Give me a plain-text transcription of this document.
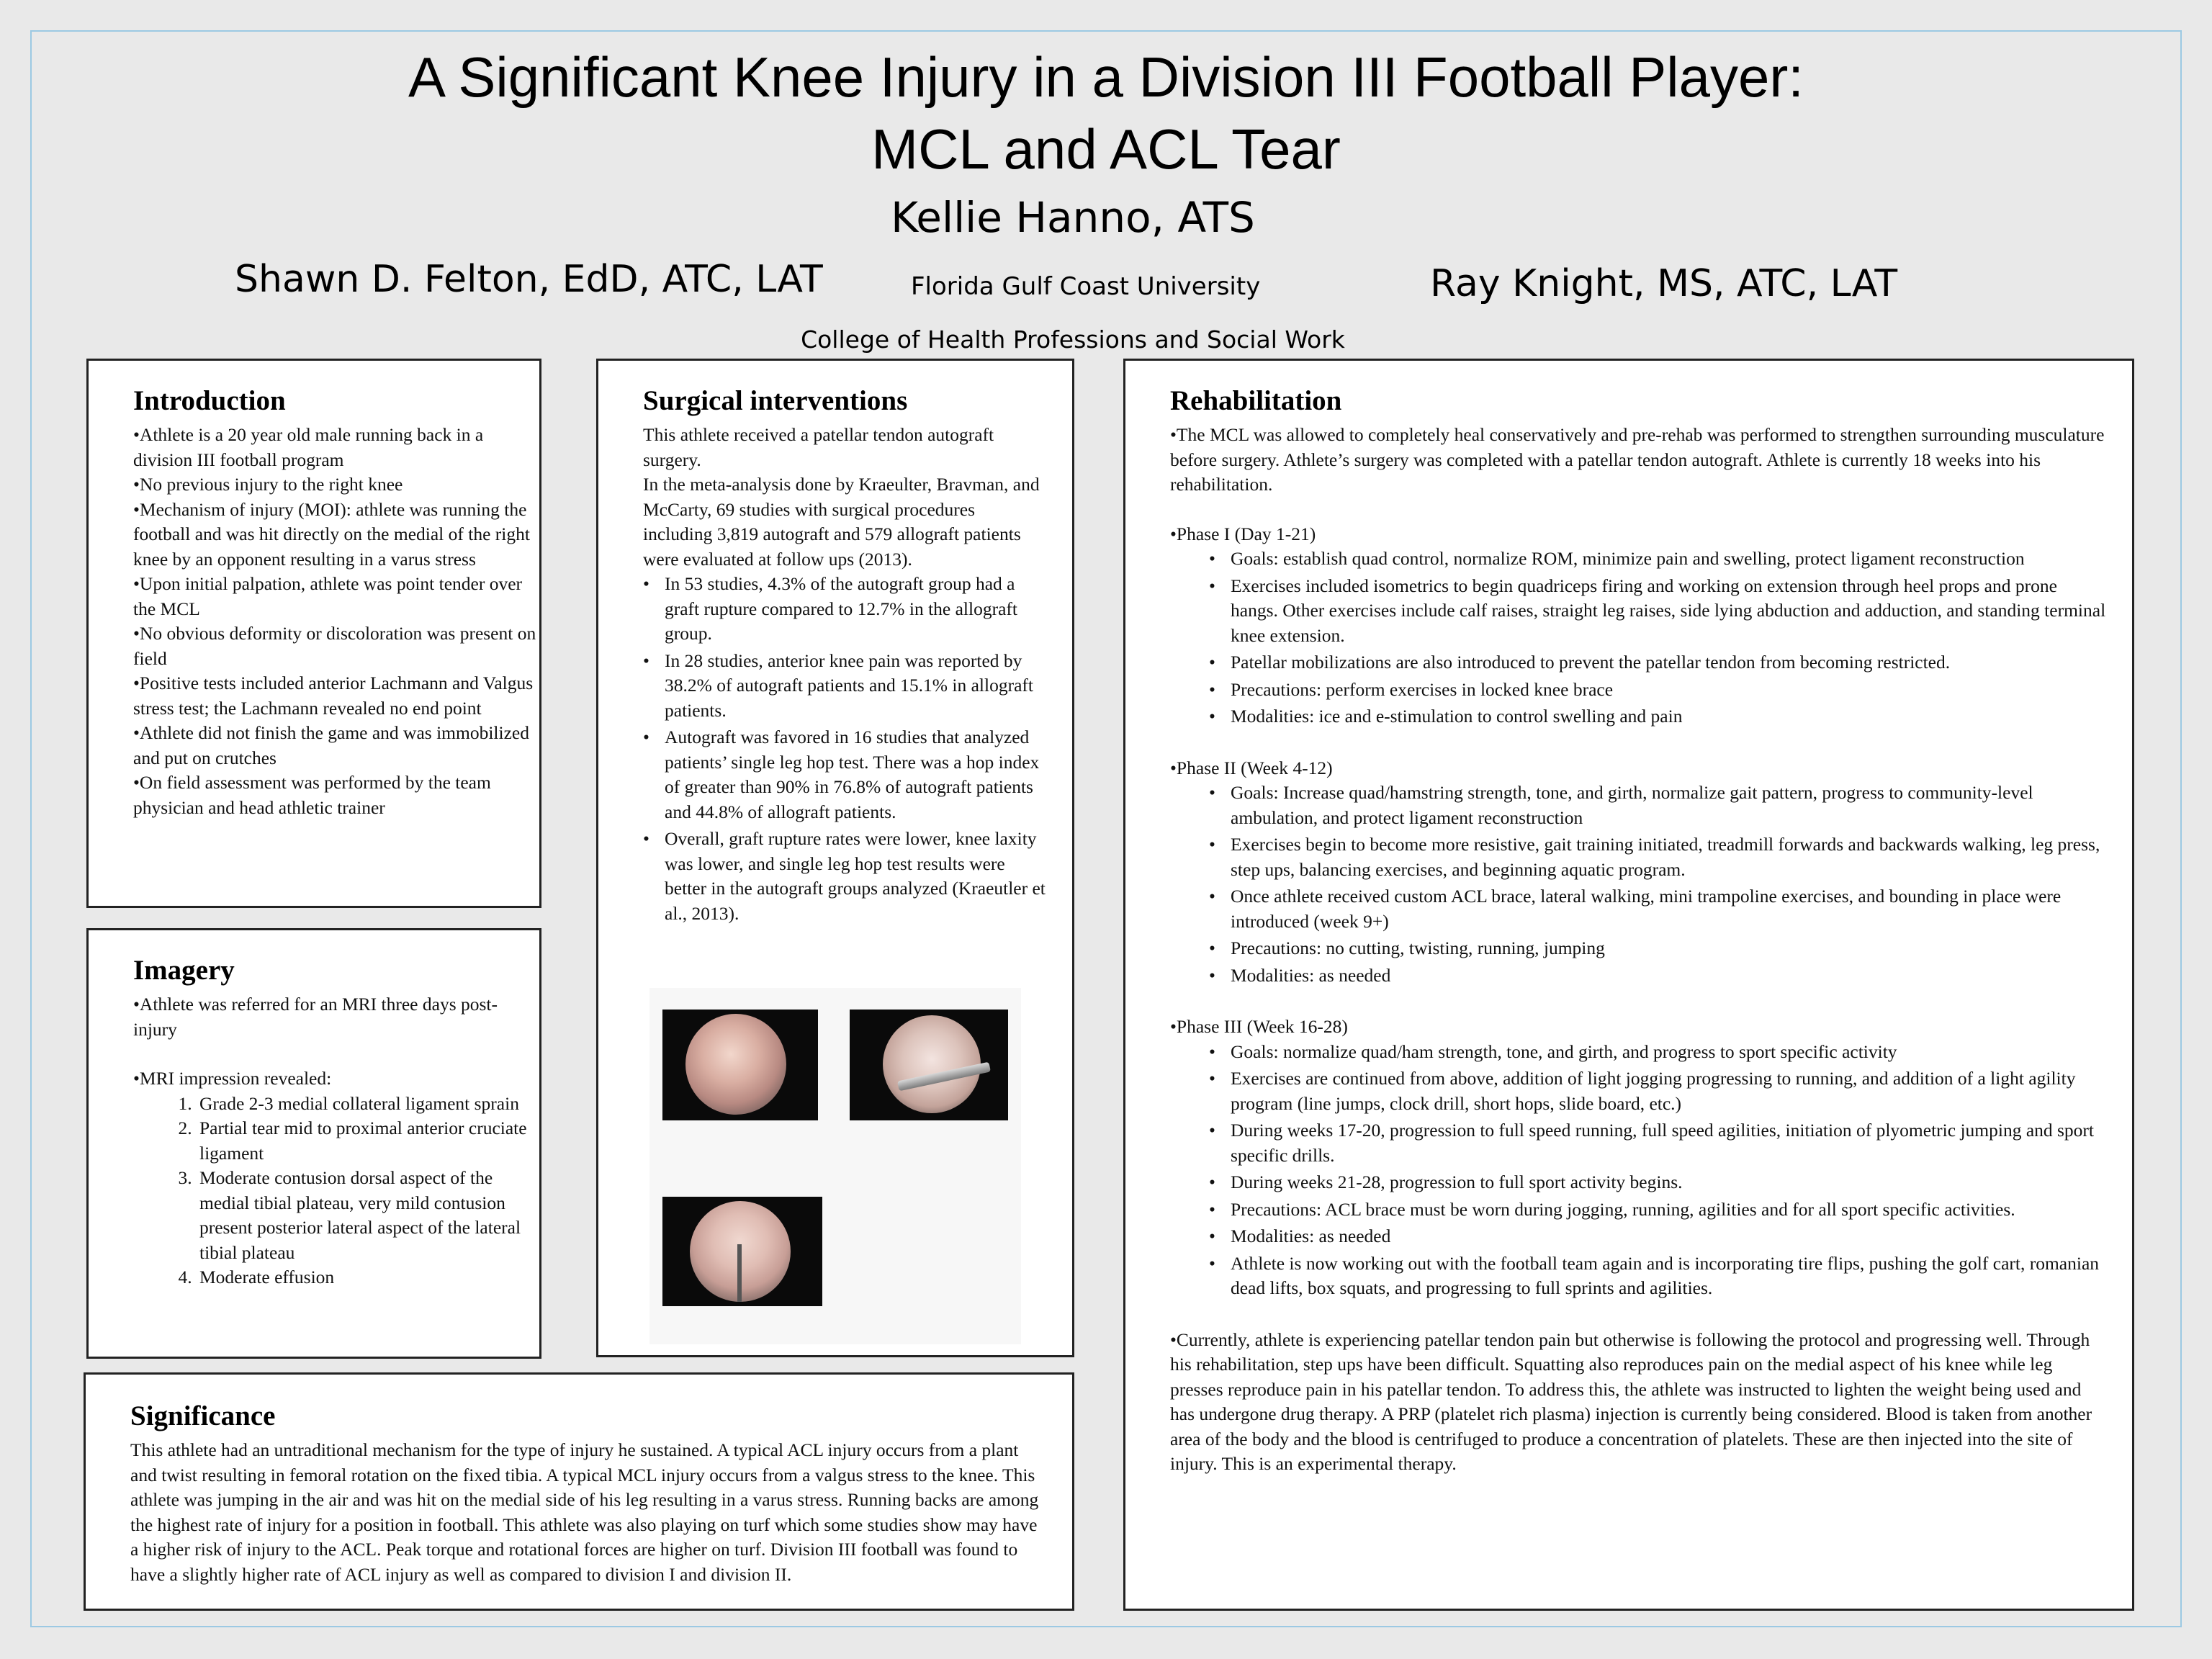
A Significant Knee Injury in a Division III Football Player:
MCL and ACL Tear
Kellie Hanno, ATS
Shawn D. Felton, EdD, ATC, LAT	Florida Gulf Coast University	Ray Knight, MS, ATC, LAT
College of Health Professions and Social Work
Introduction

•Athlete is a 20 year old male running back in a division III football program

•No previous injury to the right knee

•Mechanism of injury (MOI): athlete was running the football and was hit directly on the medial of the right knee by an opponent resulting in a varus stress

•Upon initial palpation, athlete was point tender over the MCL

•No obvious deformity or discoloration was present on field

•Positive tests included anterior Lachmann and Valgus stress test; the Lachmann revealed no end point

•Athlete did not finish the game and was immobilized and put on crutches

•On field assessment was performed by the team physician and head athletic trainer

Imagery

•Athlete was referred for an MRI three days post-injury

•MRI impression revealed:

1. Grade 2-3 medial collateral ligament sprain
2. Partial tear mid to proximal anterior cruciate ligament
3. Moderate contusion dorsal aspect of the medial tibial plateau, very mild contusion present posterior lateral aspect of the lateral tibial plateau
4. Moderate effusion
Surgical interventions

This athlete received a patellar tendon autograft surgery.

In the meta-analysis done by Kraeulter, Bravman, and McCarty, 69 studies with surgical procedures including 3,819 autograft and 579 allograft patients were evaluated at follow ups (2013).

• In 53 studies, 4.3% of the autograft group had a graft rupture compared to 12.7% in the allograft group.
• In 28 studies, anterior knee pain was reported by 38.2% of autograft patients and 15.1% in allograft patients.
• Autograft was favored in 16 studies that analyzed patients’ single leg hop test. There was a hop index of greater than 90% in 76.8% of autograft patients and 44.8% of allograft patients.
• Overall, graft rupture rates were lower, knee laxity was lower, and single leg hop test results were better in the autograft groups analyzed (Kraeutler et al., 2013).
Rehabilitation

•The MCL was allowed to completely heal conservatively and pre-rehab was performed to strengthen surrounding musculature before surgery. Athlete’s surgery was completed with a patellar tendon autograft. Athlete is currently 18 weeks into his rehabilitation.

•Phase I (Day 1-21)

• Goals: establish quad control, normalize ROM, minimize pain and swelling, protect ligament reconstruction
• Exercises included isometrics to begin quadriceps firing and working on extension through heel props and prone hangs. Other exercises include calf raises, straight leg raises, side lying abduction and adduction, and standing terminal knee extension.
• Patellar mobilizations are also introduced to prevent the patellar tendon from becoming restricted.
• Precautions: perform exercises in locked knee brace
• Modalities: ice and e-stimulation to control swelling and pain

•Phase II (Week 4-12)

• Goals: Increase quad/hamstring strength, tone, and girth, normalize gait pattern, progress to community-level ambulation, and protect ligament reconstruction
• Exercises begin to become more resistive, gait training initiated, treadmill forwards and backwards walking, leg press, step ups, balancing exercises, and beginning aquatic program.
• Once athlete received custom ACL brace, lateral walking, mini trampoline exercises, and bounding in place were introduced (week 9+)
• Precautions: no cutting, twisting, running, jumping
• Modalities: as needed

•Phase III (Week 16-28)

• Goals: normalize quad/ham strength, tone, and girth, and progress to sport specific activity
• Exercises are continued from above, addition of light jogging progressing to running, and addition of a light agility program (line jumps, clock drill, short hops, slide board, etc.)
• During weeks 17-20, progression to full speed running, full speed agilities, initiation of plyometric jumping and sport specific drills.
• During weeks 21-28, progression to full sport activity begins.
• Precautions: ACL brace must be worn during jogging, running, agilities and for all sport specific activities.
• Modalities: as needed
• Athlete is now working out with the football team again and is incorporating tire flips, pushing the golf cart, romanian dead lifts, box squats, and progressing to full sprints and agilities.

•Currently, athlete is experiencing patellar tendon pain but otherwise is following the protocol and progressing well. Through his rehabilitation, step ups have been difficult. Squatting also reproduces pain on the medial aspect of his knee while leg presses reproduce pain in his patellar tendon. To address this, the athlete was instructed to lighten the weight being used and has undergone drug therapy. A PRP (platelet rich plasma) injection is currently being considered. Blood is taken from another area of the body and the blood is centrifuged to produce a concentration of platelets. These are then injected into the site of injury. This is an experimental therapy.

Significance

This athlete had an untraditional mechanism for the type of injury he sustained. A typical ACL injury occurs from a plant and twist resulting in femoral rotation on the fixed tibia. A typical MCL injury occurs from a valgus stress to the knee. This athlete was jumping in the air and was hit on the medial side of his leg resulting in a varus stress. Running backs are among the highest rate of injury for a position in football. This athlete was also playing on turf which some studies show may have a higher risk of injury to the ACL. Peak torque and rotational forces are higher on turf. Division III football was found to have a slightly higher rate of ACL injury as well as compared to division I and division II.
